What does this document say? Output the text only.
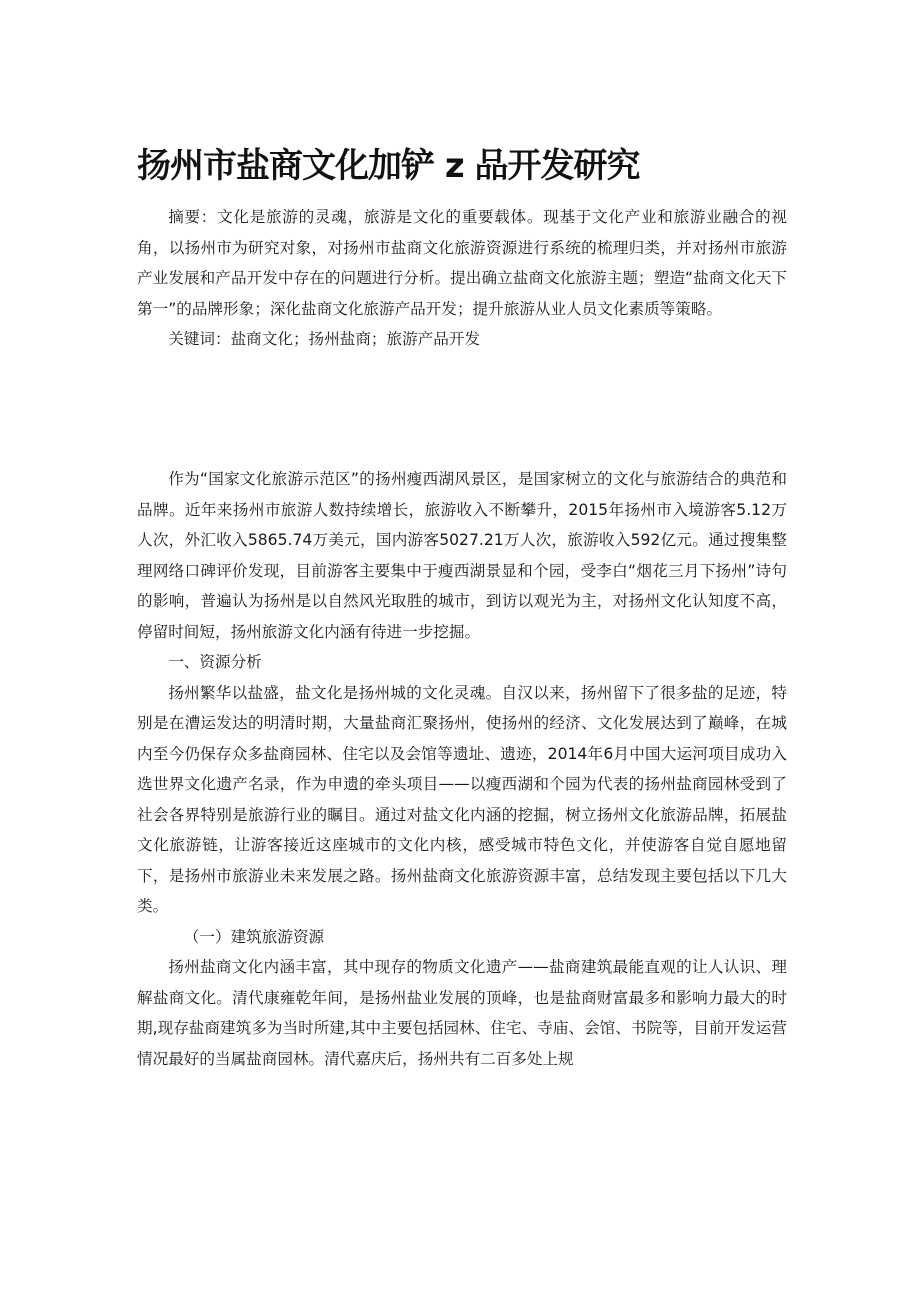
扬州市盐商文化加铲 z 品开发研究

摘要：文化是旅游的灵魂，旅游是文化的重要载体。现基于文化产业和旅游业融合的视角，以扬州市为研究对象，对扬州市盐商文化旅游资源进行系统的梳理归类，并对扬州市旅游产业发展和产品开发中存在的问题进行分析。提出确立盐商文化旅游主题；塑造“盐商文化天下第一”的品牌形象；深化盐商文化旅游产品开发；提升旅游从业人员文化素质等策略。

关键词：盐商文化；扬州盐商；旅游产品开发

作为“国家文化旅游示范区”的扬州瘦西湖风景区，是国家树立的文化与旅游结合的典范和品牌。近年来扬州市旅游人数持续增长，旅游收入不断攀升，2015年扬州市入境游客5.12万人次，外汇收入5865.74万美元，国内游客5027.21万人次，旅游收入592亿元。通过搜集整理网络口碑评价发现，目前游客主要集中于瘦西湖景显和个园，受李白“烟花三月下扬州”诗句的影响，普遍认为扬州是以自然风光取胜的城市，到访以观光为主，对扬州文化认知度不高，停留时间短，扬州旅游文化内涵有待进一步挖掘。

一、资源分析

扬州繁华以盐盛，盐文化是扬州城的文化灵魂。自汉以来，扬州留下了很多盐的足迹，特别是在漕运发达的明清时期，大量盐商汇聚扬州，使扬州的经济、文化发展达到了巅峰，在城内至今仍保存众多盐商园林、住宅以及会馆等遗址、遗迹，2014年6月中国大运河项目成功入选世界文化遗产名录，作为申遗的牵头项目——以瘦西湖和个园为代表的扬州盐商园林受到了社会各界特别是旅游行业的瞩目。通过对盐文化内涵的挖掘，树立扬州文化旅游品牌，拓展盐文化旅游链，让游客接近这座城市的文化内核，感受城市特色文化，并使游客自觉自愿地留下，是扬州市旅游业未来发展之路。扬州盐商文化旅游资源丰富，总结发现主要包括以下几大类。

（一）建筑旅游资源

扬州盐商文化内涵丰富，其中现存的物质文化遗产——盐商建筑最能直观的让人认识、理解盐商文化。清代康雍乾年间，是扬州盐业发展的顶峰，也是盐商财富最多和影响力最大的时期,现存盐商建筑多为当时所建,其中主要包括园林、住宅、寺庙、会馆、书院等，目前开发运营情况最好的当属盐商园林。清代嘉庆后，扬州共有二百多处上规
